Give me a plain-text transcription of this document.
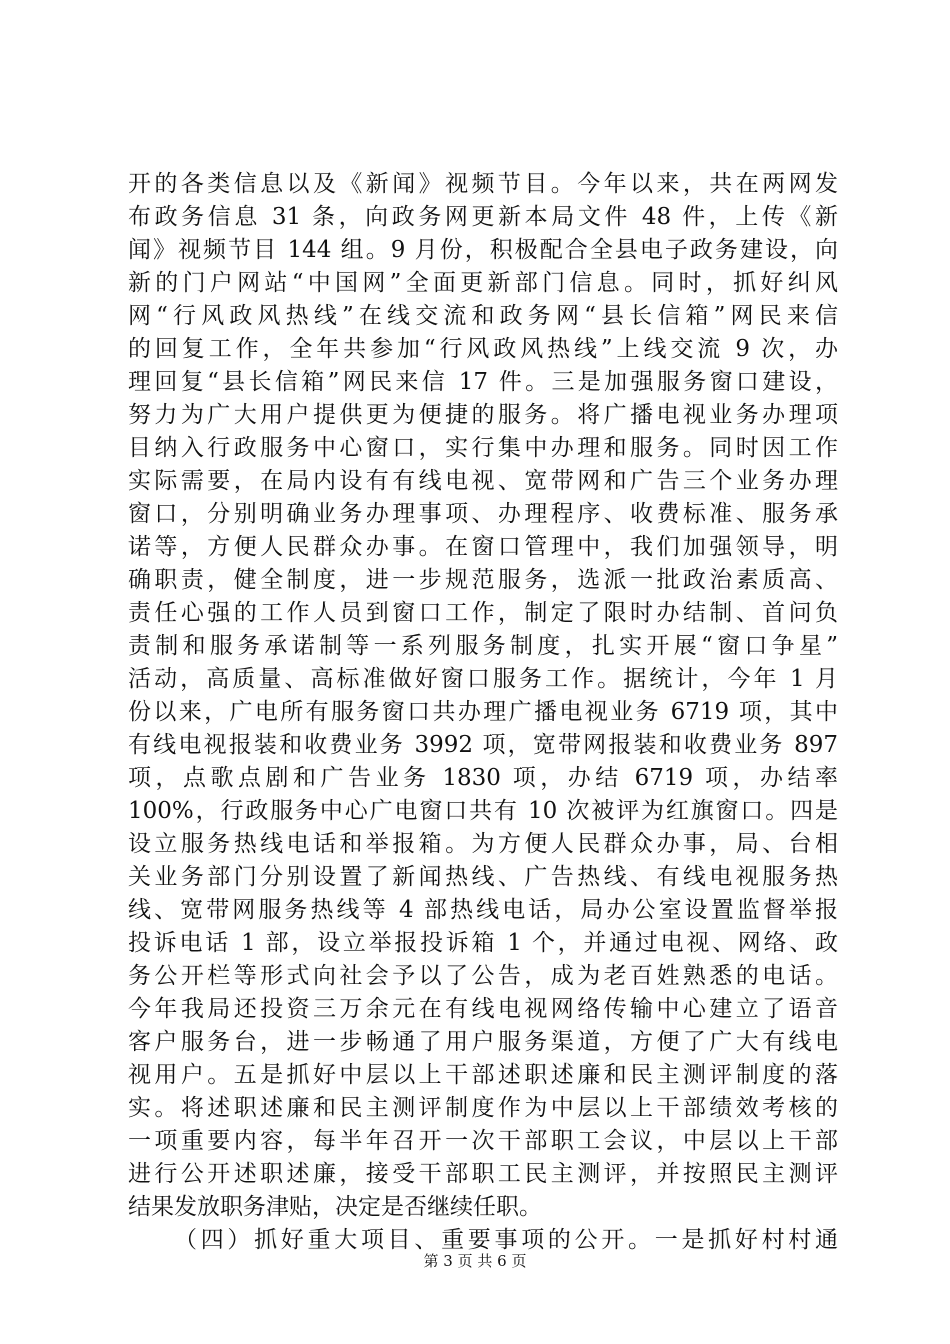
开的各类信息以及《新闻》视频节目。今年以来，共在两网发
布政务信息 31 条，向政务网更新本局文件 48 件，上传《新
闻》视频节目 144 组。9 月份，积极配合全县电子政务建设，向
新的门户网站“中国网”全面更新部门信息。同时，抓好纠风
网“行风政风热线”在线交流和政务网“县长信箱”网民来信
的回复工作，全年共参加“行风政风热线”上线交流 9 次，办
理回复“县长信箱”网民来信 17 件。三是加强服务窗口建设，
努力为广大用户提供更为便捷的服务。将广播电视业务办理项
目纳入行政服务中心窗口，实行集中办理和服务。同时因工作
实际需要，在局内设有有线电视、宽带网和广告三个业务办理
窗口，分别明确业务办理事项、办理程序、收费标准、服务承
诺等，方便人民群众办事。在窗口管理中，我们加强领导，明
确职责，健全制度，进一步规范服务，选派一批政治素质高、
责任心强的工作人员到窗口工作，制定了限时办结制、首问负
责制和服务承诺制等一系列服务制度，扎实开展“窗口争星”
活动，高质量、高标准做好窗口服务工作。据统计，今年 1 月
份以来，广电所有服务窗口共办理广播电视业务 6719 项，其中
有线电视报装和收费业务 3992 项，宽带网报装和收费业务 897
项，点歌点剧和广告业务 1830 项，办结 6719 项，办结率
100%，行政服务中心广电窗口共有 10 次被评为红旗窗口。四是
设立服务热线电话和举报箱。为方便人民群众办事，局、台相
关业务部门分别设置了新闻热线、广告热线、有线电视服务热
线、宽带网服务热线等 4 部热线电话，局办公室设置监督举报
投诉电话 1 部，设立举报投诉箱 1 个，并通过电视、网络、政
务公开栏等形式向社会予以了公告，成为老百姓熟悉的电话。
今年我局还投资三万余元在有线电视网络传输中心建立了语音
客户服务台，进一步畅通了用户服务渠道，方便了广大有线电
视用户。五是抓好中层以上干部述职述廉和民主测评制度的落
实。将述职述廉和民主测评制度作为中层以上干部绩效考核的
一项重要内容，每半年召开一次干部职工会议，中层以上干部
进行公开述职述廉，接受干部职工民主测评，并按照民主测评
结果发放职务津贴，决定是否继续任职。
（四）抓好重大项目、重要事项的公开。一是抓好村村通
第 3 页 共 6 页
